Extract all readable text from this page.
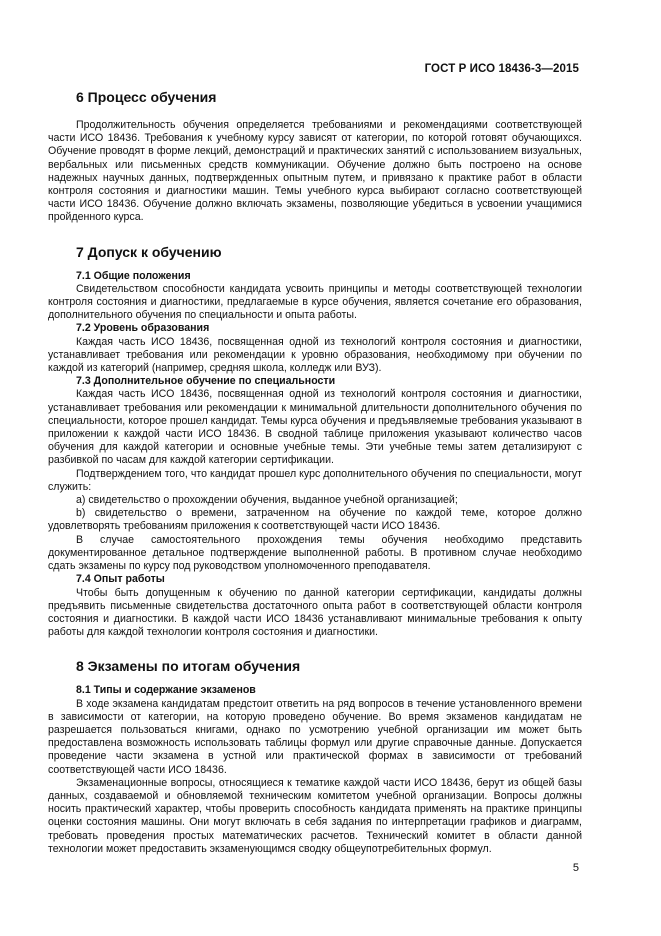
ГОСТ Р ИСО 18436-3—2015
6 Процесс обучения

Продолжительность обучения определяется требованиями и рекомендациями соответствующей части ИСО 18436. Требования к учебному курсу зависят от категории, по которой готовят обучающихся. Обучение проводят в форме лекций, демонстраций и практических занятий с использованием визуальных, вербальных или письменных средств коммуникации. Обучение должно быть построено на основе надежных научных данных, подтвержденных опытным путем, и привязано к практике работ в области контроля состояния и диагностики машин. Темы учебного курса выбирают согласно соответствующей части ИСО 18436. Обучение должно включать экзамены, позволяющие убедиться в усвоении учащимися пройденного курса.

7 Допуск к обучению
7.1 Общие положения

Свидетельством способности кандидата усвоить принципы и методы соответствующей технологии контроля состояния и диагностики, предлагаемые в курсе обучения, является сочетание его образования, дополнительного обучения по специальности и опыта работы.

7.2 Уровень образования

Каждая часть ИСО 18436, посвященная одной из технологий контроля состояния и диагностики, устанавливает требования или рекомендации к уровню образования, необходимому при обучении по каждой из категорий (например, средняя школа, колледж или ВУЗ).

7.3 Дополнительное обучение по специальности

Каждая часть ИСО 18436, посвященная одной из технологий контроля состояния и диагностики, устанавливает требования или рекомендации к минимальной длительности дополнительного обучения по специальности, которое прошел кандидат. Темы курса обучения и предъявляемые требования указывают в приложении к каждой части ИСО 18436. В сводной таблице приложения указывают количество часов обучения для каждой категории и основные учебные темы. Эти учебные темы затем детализируют с разбивкой по часам для каждой категории сертификации.

Подтверждением того, что кандидат прошел курс дополнительного обучения по специальности, могут служить:

а) свидетельство о прохождении обучения, выданное учебной организацией;

b) свидетельство о времени, затраченном на обучение по каждой теме, которое должно удовлетворять требованиям приложения к соответствующей части ИСО 18436.

В случае самостоятельного прохождения темы обучения необходимо представить документированное детальное подтверждение выполненной работы. В противном случае необходимо сдать экзамены по курсу под руководством уполномоченного преподавателя.

7.4 Опыт работы

Чтобы быть допущенным к обучению по данной категории сертификации, кандидаты должны предъявить письменные свидетельства достаточного опыта работ в соответствующей области контроля состояния и диагностики. В каждой части ИСО 18436 устанавливают минимальные требования к опыту работы для каждой технологии контроля состояния и диагностики.

8 Экзамены по итогам обучения
8.1 Типы и содержание экзаменов

В ходе экзамена кандидатам предстоит ответить на ряд вопросов в течение установленного времени в зависимости от категории, на которую проведено обучение. Во время экзаменов кандидатам не разрешается пользоваться книгами, однако по усмотрению учебной организации им может быть предоставлена возможность использовать таблицы формул или другие справочные данные. Допускается проведение части экзамена в устной или практической формах в зависимости от требований соответствующей части ИСО 18436.

Экзаменационные вопросы, относящиеся к тематике каждой части ИСО 18436, берут из общей базы данных, создаваемой и обновляемой техническим комитетом учебной организации. Вопросы должны носить практический характер, чтобы проверить способность кандидата применять на практике принципы оценки состояния машины. Они могут включать в себя задания по интерпретации графиков и диаграмм, требовать проведения простых математических расчетов. Технический комитет в области данной технологии может предоставить экзаменующимся сводку общеупотребительных формул.

5
